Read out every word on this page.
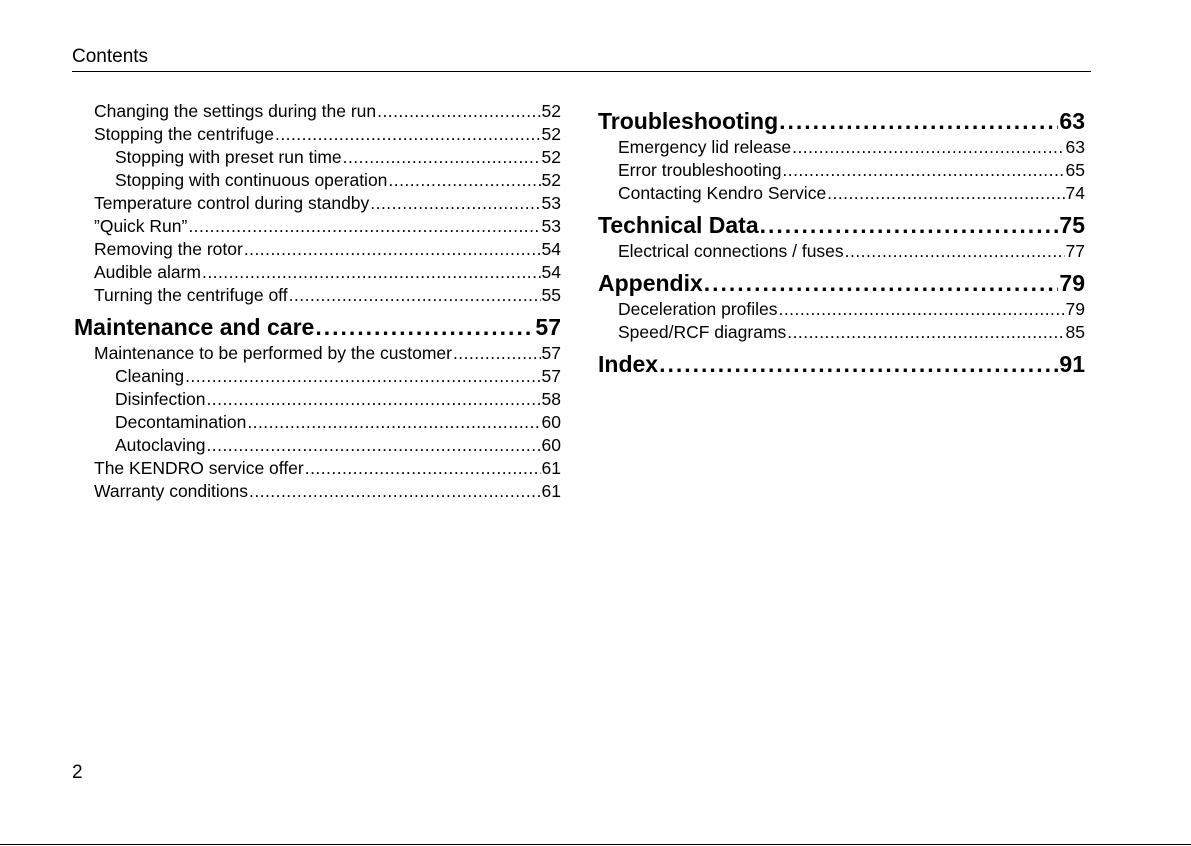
Contents
Changing the settings during the run . . .	52
Stopping the centrifuge . . .	52
Stopping with preset run time . . .	52
Stopping with continuous operation . . .	52
Temperature control during standby . . .	53
”Quick Run” . . .	53
Removing the rotor . . .	54
Audible alarm . . .	54
Turning the centrifuge off . . .	55
Maintenance and care . . .	57
Maintenance to be performed by the customer . . .	57
Cleaning . . .	57
Disinfection . . .	58
Decontamination . . .	60
Autoclaving . . .	60
The KENDRO service offer . . .	61
Warranty conditions . . .	61
Troubleshooting . . .	63
Emergency lid release . . .	63
Error troubleshooting . . .	65
Contacting Kendro Service . . .	74
Technical Data . . .	75
Electrical connections / fuses . . .	77
Appendix . . .	79
Deceleration profiles . . .	79
Speed/RCF diagrams . . .	85
Index . . .	91
2
